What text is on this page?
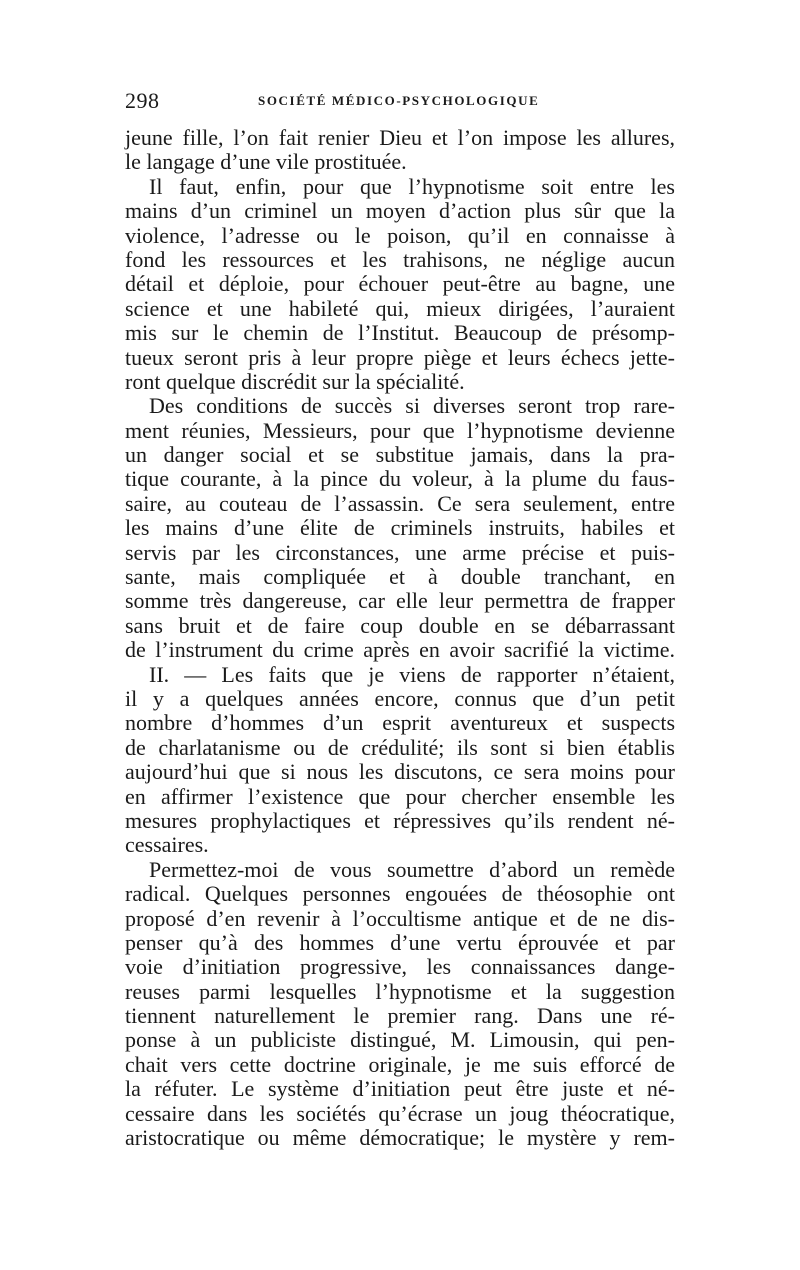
298	SOCIÉTÉ MÉDICO-PSYCHOLOGIQUE
jeune fille, l’on fait renier Dieu et l’on impose les allures,
le langage d’une vile prostituée.
Il faut, enfin, pour que l’hypnotisme soit entre les
mains d’un criminel un moyen d’action plus sûr que la
violence, l’adresse ou le poison, qu’il en connaisse à
fond les ressources et les trahisons, ne néglige aucun
détail et déploie, pour échouer peut-être au bagne, une
science et une habileté qui, mieux dirigées, l’auraient
mis sur le chemin de l’Institut. Beaucoup de présomp-
tueux seront pris à leur propre piège et leurs échecs jette-
ront quelque discrédit sur la spécialité.
Des conditions de succès si diverses seront trop rare-
ment réunies, Messieurs, pour que l’hypnotisme devienne
un danger social et se substitue jamais, dans la pra-
tique courante, à la pince du voleur, à la plume du faus-
saire, au couteau de l’assassin. Ce sera seulement, entre
les mains d’une élite de criminels instruits, habiles et
servis par les circonstances, une arme précise et puis-
sante, mais compliquée et à double tranchant, en
somme très dangereuse, car elle leur permettra de frapper
sans bruit et de faire coup double en se débarrassant
de l’instrument du crime après en avoir sacrifié la victime.
II. — Les faits que je viens de rapporter n’étaient,
il y a quelques années encore, connus que d’un petit
nombre d’hommes d’un esprit aventureux et suspects
de charlatanisme ou de crédulité; ils sont si bien établis
aujourd’hui que si nous les discutons, ce sera moins pour
en affirmer l’existence que pour chercher ensemble les
mesures prophylactiques et répressives qu’ils rendent né-
cessaires.
Permettez-moi de vous soumettre d’abord un remède
radical. Quelques personnes engouées de théosophie ont
proposé d’en revenir à l’occultisme antique et de ne dis-
penser qu’à des hommes d’une vertu éprouvée et par
voie d’initiation progressive, les connaissances dange-
reuses parmi lesquelles l’hypnotisme et la suggestion
tiennent naturellement le premier rang. Dans une ré-
ponse à un publiciste distingué, M. Limousin, qui pen-
chait vers cette doctrine originale, je me suis efforcé de
la réfuter. Le système d’initiation peut être juste et né-
cessaire dans les sociétés qu’écrase un joug théocratique,
aristocratique ou même démocratique; le mystère y rem-
